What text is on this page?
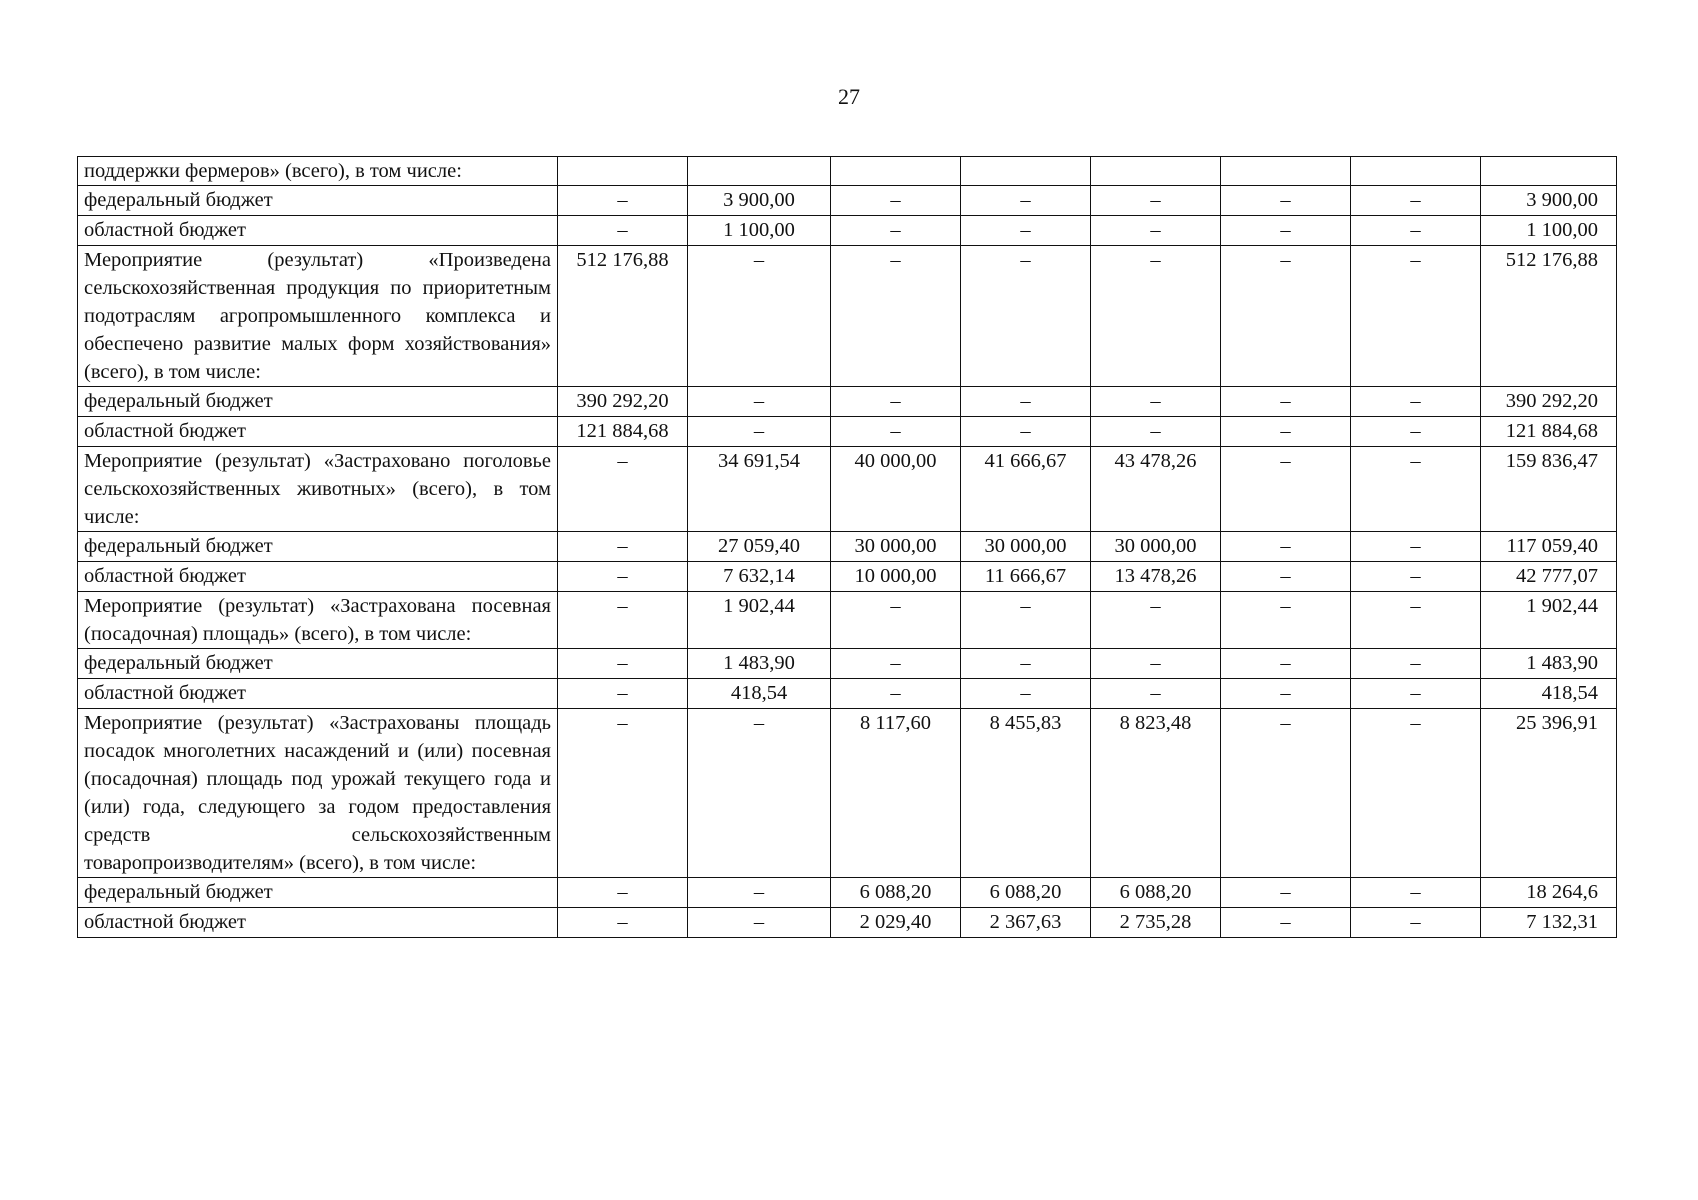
27
поддержки фермеров» (всего), в том числе:								
федеральный бюджет	–	3 900,00	–	–	–	–	–	3 900,00
областной бюджет	–	1 100,00	–	–	–	–	–	1 100,00
Мероприятие (результат) «Произведена сельскохозяйственная продукция по приоритетным подотраслям агропромышленного комплекса и обеспечено развитие малых форм хозяйствования» (всего), в том числе:	512 176,88	–	–	–	–	–	–	512 176,88
федеральный бюджет	390 292,20	–	–	–	–	–	–	390 292,20
областной бюджет	121 884,68	–	–	–	–	–	–	121 884,68
Мероприятие (результат) «Застраховано поголовье сельскохозяйственных животных» (всего), в том числе:	–	34 691,54	40 000,00	41 666,67	43 478,26	–	–	159 836,47
федеральный бюджет	–	27 059,40	30 000,00	30 000,00	30 000,00	–	–	117 059,40
областной бюджет	–	7 632,14	10 000,00	11 666,67	13 478,26	–	–	42 777,07
Мероприятие (результат) «Застрахована посевная (посадочная) площадь» (всего), в том числе:	–	1 902,44	–	–	–	–	–	1 902,44
федеральный бюджет	–	1 483,90	–	–	–	–	–	1 483,90
областной бюджет	–	418,54	–	–	–	–	–	418,54
Мероприятие (результат) «Застрахованы площадь посадок многолетних насаждений и (или) посевная (посадочная) площадь под урожай текущего года и (или) года, следующего за годом предоставления средств сельскохозяйственным товаропроизводителям» (всего), в том числе:	–	–	8 117,60	8 455,83	8 823,48	–	–	25 396,91
федеральный бюджет	–	–	6 088,20	6 088,20	6 088,20	–	–	18 264,6
областной бюджет	–	–	2 029,40	2 367,63	2 735,28	–	–	7 132,31
